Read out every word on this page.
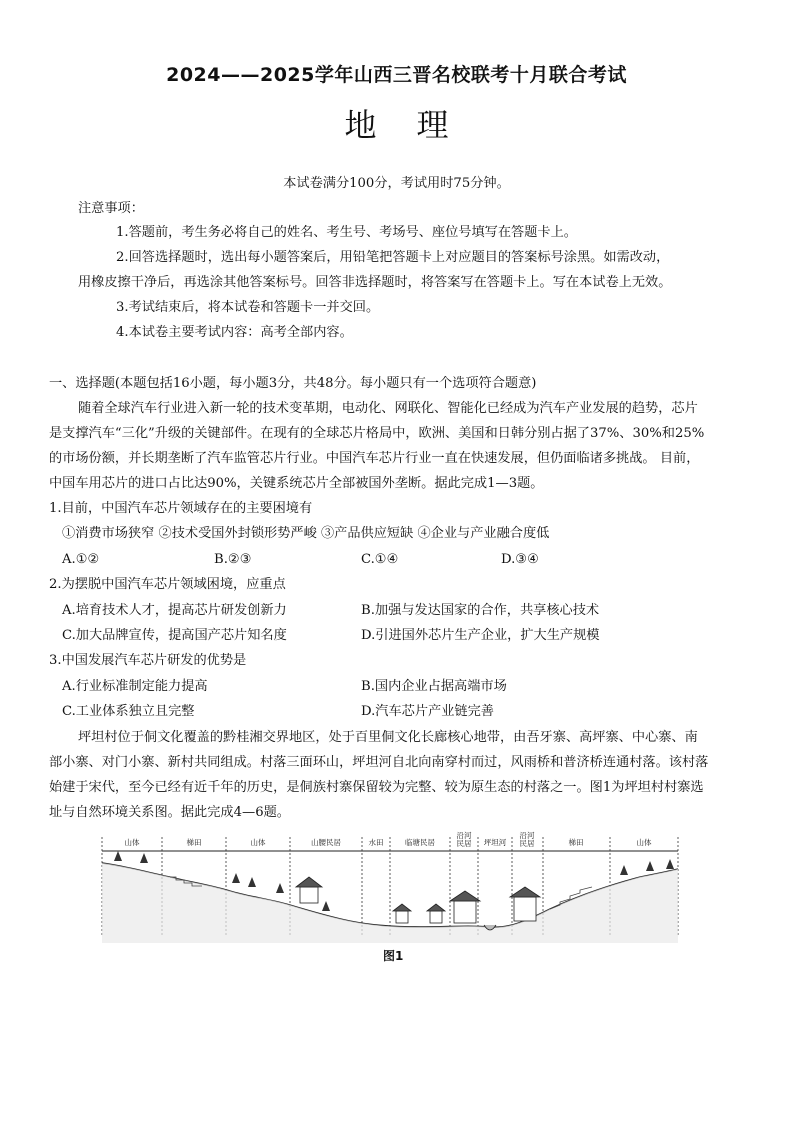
2024——2025学年山西三晋名校联考十月联合考试
地理
本试卷满分100分，考试用时75分钟。
注意事项：
1.答题前，考生务必将自己的姓名、考生号、考场号、座位号填写在答题卡上。
2.回答选择题时，选出每小题答案后，用铅笔把答题卡上对应题目的答案标号涂黑。如需改动，
用橡皮擦干净后，再选涂其他答案标号。回答非选择题时，将答案写在答题卡上。写在本试卷上无效。
3.考试结束后，将本试卷和答题卡一并交回。
4.本试卷主要考试内容：高考全部内容。
一、选择题(本题包括16小题，每小题3分，共48分。每小题只有一个选项符合题意)
随着全球汽车行业进入新一轮的技术变革期，电动化、网联化、智能化已经成为汽车产业发展的趋势，芯片
是支撑汽车“三化”升级的关键部件。在现有的全球芯片格局中，欧洲、美国和日韩分别占据了37%、30%和25%
的市场份额，并长期垄断了汽车监管芯片行业。中国汽车芯片行业一直在快速发展，但仍面临诸多挑战。 目前，
中国车用芯片的进口占比达90%，关键系统芯片全部被国外垄断。据此完成1—3题。
1.目前，中国汽车芯片领域存在的主要困境有
①消费市场狭窄 ②技术受国外封锁形势严峻 ③产品供应短缺 ④企业与产业融合度低
A.①②	B.②③	C.①④	D.③④
2.为摆脱中国汽车芯片领域困境，应重点
A.培育技术人才，提高芯片研发创新力	B.加强与发达国家的合作，共享核心技术
C.加大品牌宣传，提高国产芯片知名度	D.引进国外芯片生产企业，扩大生产规模
3.中国发展汽车芯片研发的优势是
A.行业标准制定能力提高	B.国内企业占据高端市场
C.工业体系独立且完整	D.汽车芯片产业链完善
坪坦村位于侗文化覆盖的黔桂湘交界地区，处于百里侗文化长廊核心地带，由吾牙寨、高坪寨、中心寨、南
部小寨、对门小寨、新村共同组成。村落三面环山，坪坦河自北向南穿村而过，风雨桥和普济桥连通村落。该村落
始建于宋代，至今已经有近千年的历史，是侗族村寨保留较为完整、较为原生态的村落之一。图1为坪坦村村寨选
址与自然环境关系图。据此完成4—6题。
山体	梯田	山体	山腰民居	水田	临塘民居
沿河
民居 坪坦河
沿河
民居	梯田	山体
图1
